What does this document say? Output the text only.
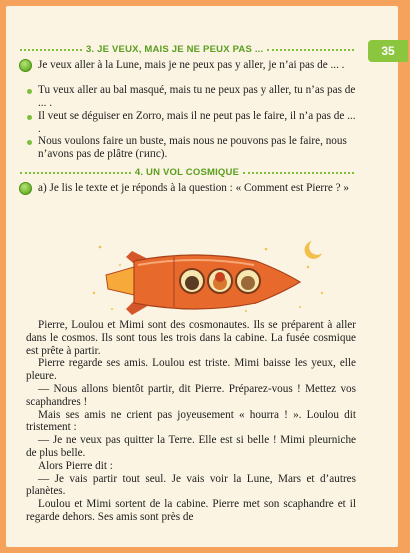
35
3. JE VEUX, MAIS JE NE PEUX PAS ...
Je veux aller à la Lune, mais je ne peux pas y aller, je n’ai pas de ... .
Tu veux aller au bal masqué, mais tu ne peux pas y aller, tu n’as pas de ... .
Il veut se déguiser en Zorro, mais il ne peut pas le faire, il n’a pas de ... .
Nous voulons faire un buste, mais nous ne pouvons pas le faire, nous n’avons pas de plâtre (гипс).
4. UN VOL COSMIQUE
a) Je lis le texte et je réponds à la question : « Comment est Pierre ? »

Pierre, Loulou et Mimi sont des cosmonautes. Ils se préparent à aller dans le cosmos. Ils sont tous les trois dans la cabine. La fusée cosmique est prête à partir.

Pierre regarde ses amis. Loulou est triste. Mimi baisse les yeux, elle pleure.

— Nous allons bientôt partir, dit Pierre. Préparez-vous ! Mettez vos scaphandres !

Mais ses amis ne crient pas joyeusement « hourra ! ». Loulou dit tristement :

— Je ne veux pas quitter la Terre. Elle est si belle ! Mimi pleurniche de plus belle.

Alors Pierre dit :

— Je vais partir tout seul. Je vais voir la Lune, Mars et d’autres planètes.

Loulou et Mimi sortent de la cabine. Pierre met son scaphandre et il regarde dehors. Ses amis sont près de
